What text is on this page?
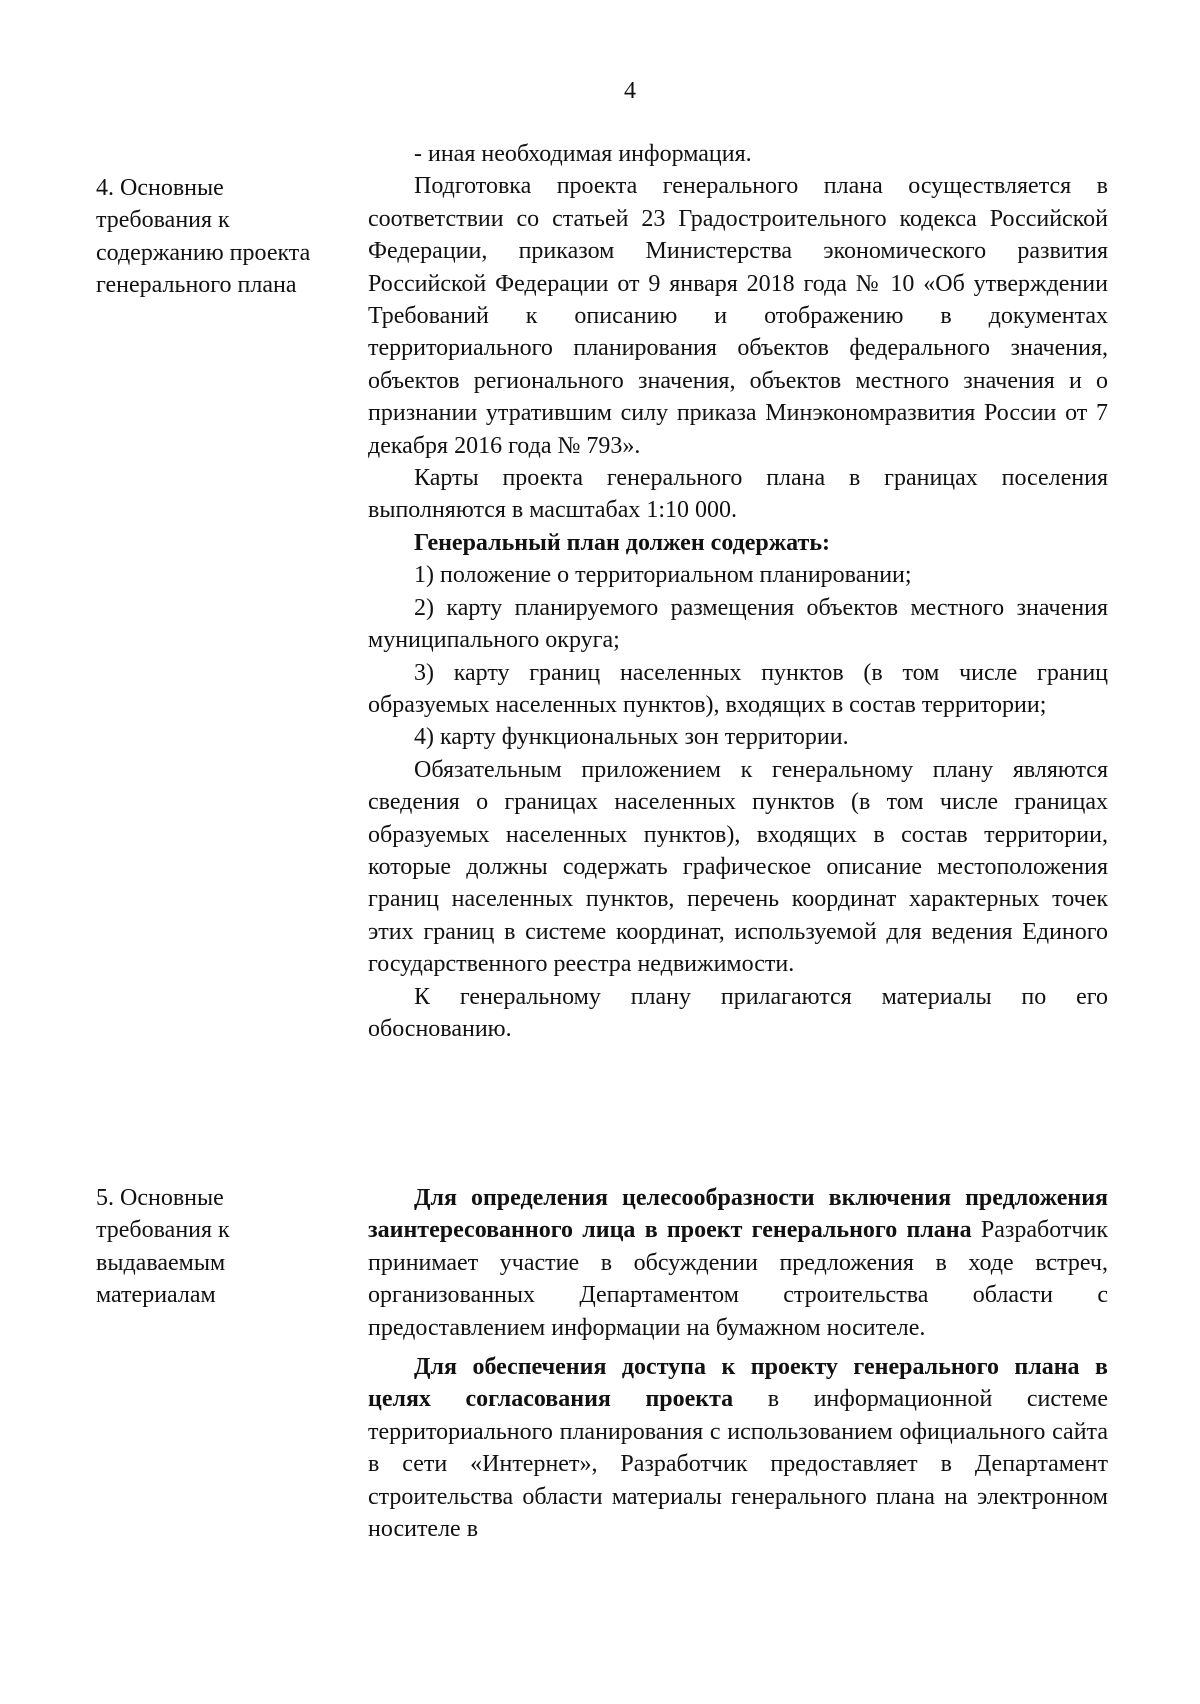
4
4. Основные требования к содержанию проекта генерального плана

- иная необходимая информация.

Подготовка проекта генерального плана осуществляется в соответствии со статьей 23 Градостроительного кодекса Российской Федерации, приказом Министерства экономического развития Российской Федерации от 9 января 2018 года № 10 «Об утверждении Требований к описанию и отображению в документах территориального планирования объектов федерального значения, объектов регионального значения, объектов местного значения и о признании утратившим силу приказа Минэкономразвития России от 7 декабря 2016 года № 793».

Карты проекта генерального плана в границах поселения выполняются в масштабах 1:10 000.

Генеральный план должен содержать:

1) положение о территориальном планировании;

2) карту планируемого размещения объектов местного значения муниципального округа;

3) карту границ населенных пунктов (в том числе границ образуемых населенных пунктов), входящих в состав территории;

4) карту функциональных зон территории.

Обязательным приложением к генеральному плану являются сведения о границах населенных пунктов (в том числе границах образуемых населенных пунктов), входящих в состав территории, которые должны содержать графическое описание местоположения границ населенных пунктов, перечень координат характерных точек этих границ в системе координат, используемой для ведения Единого государственного реестра недвижимости.

К генеральному плану прилагаются материалы по его обоснованию.

5. Основные требования к выдаваемым материалам

Для определения целесообразности включения предложения заинтересованного лица в проект генерального плана Разработчик принимает участие в обсуждении предложения в ходе встреч, организованных Департаментом строительства области с предоставлением информации на бумажном носителе.

Для обеспечения доступа к проекту генерального плана в целях согласования проекта в информационной системе территориального планирования с использованием официального сайта в сети «Интернет», Разработчик предоставляет в Департамент строительства области материалы генерального плана на электронном носителе в
